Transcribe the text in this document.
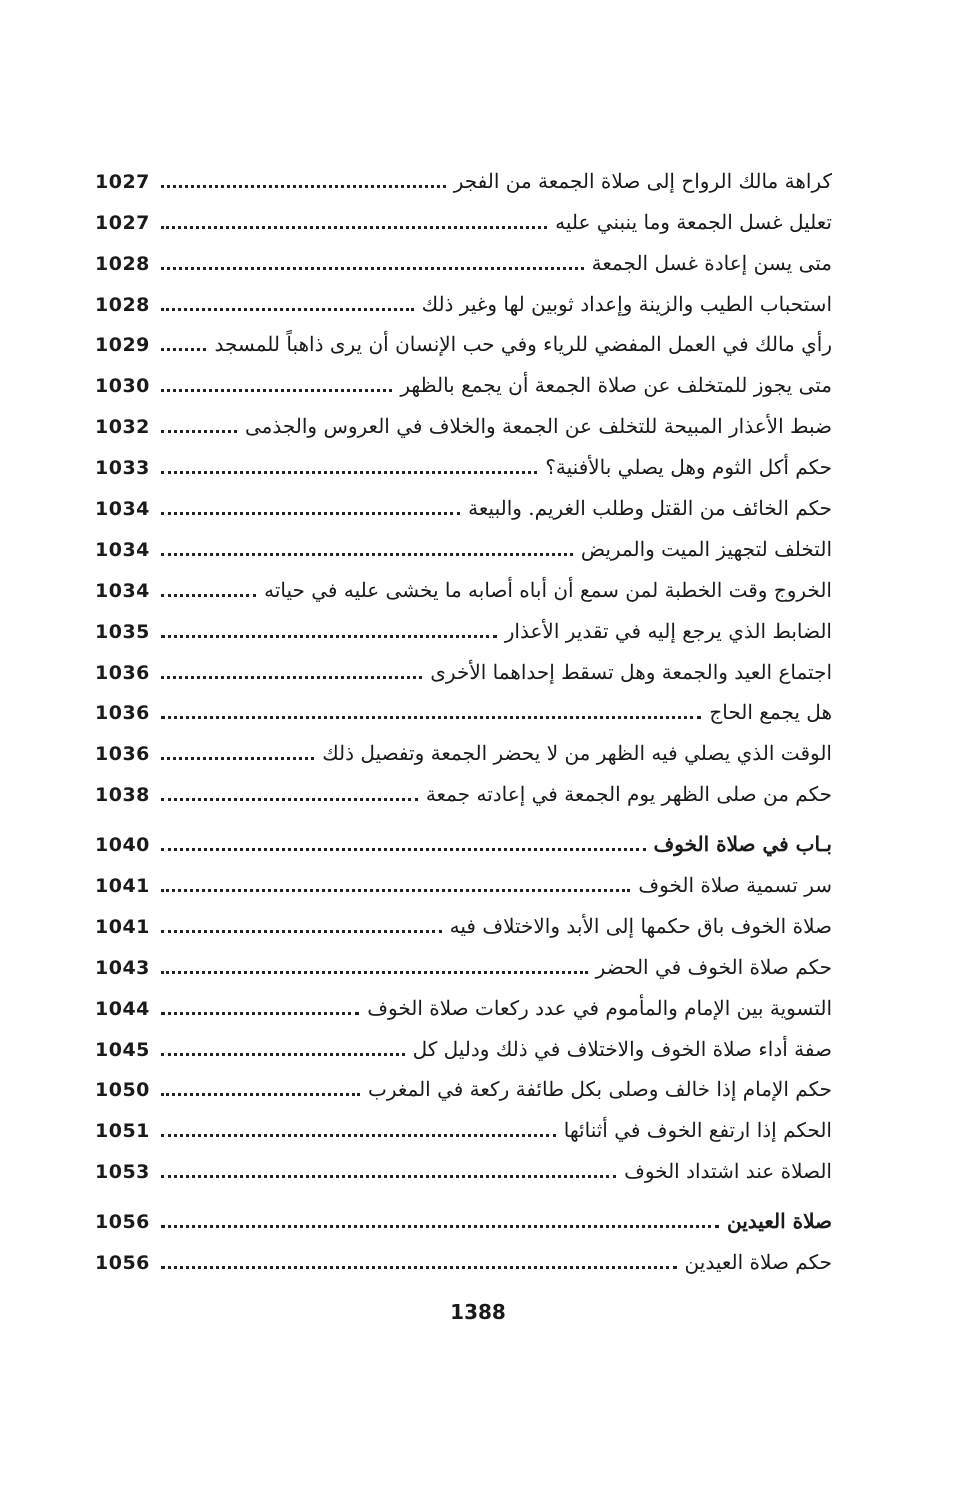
1027	كراهة مالك الرواح إلى صلاة الجمعة من الفجر
1027	تعليل غسل الجمعة وما ينبني عليه
1028	متى يسن إعادة غسل الجمعة
1028	استحباب الطيب والزينة وإعداد ثوبين لها وغير ذلك
1029	رأي مالك في العمل المفضي للرياء وفي حب الإنسان أن يرى ذاهباً للمسجد
1030	متى يجوز للمتخلف عن صلاة الجمعة أن يجمع بالظهر
1032	ضبط الأعذار المبيحة للتخلف عن الجمعة والخلاف في العروس والجذمى
1033	حكم أكل الثوم وهل يصلي بالأفنية؟
1034	حكم الخائف من القتل وطلب الغريم. والبيعة
1034	التخلف لتجهيز الميت والمريض
1034	الخروج وقت الخطبة لمن سمع أن أباه أصابه ما يخشى عليه في حياته
1035	الضابط الذي يرجع إليه في تقدير الأعذار
1036	اجتماع العيد والجمعة وهل تسقط إحداهما الأخرى
1036	هل يجمع الحاج
1036	الوقت الذي يصلي فيه الظهر من لا يحضر الجمعة وتفصيل ذلك
1038	حكم من صلى الظهر يوم الجمعة في إعادته جمعة
1040	بـاب في صلاة الخوف
1041	سر تسمية صلاة الخوف
1041	صلاة الخوف باق حكمها إلى الأبد والاختلاف فيه
1043	حكم صلاة الخوف في الحضر
1044	التسوية بين الإمام والمأموم في عدد ركعات صلاة الخوف
1045	صفة أداء صلاة الخوف والاختلاف في ذلك ودليل كل
1050	حكم الإمام إذا خالف وصلى بكل طائفة ركعة في المغرب
1051	الحكم إذا ارتفع الخوف في أثنائها
1053	الصلاة عند اشتداد الخوف
1056	صلاة العيدين
1056	حكم صلاة العيدين
1388
